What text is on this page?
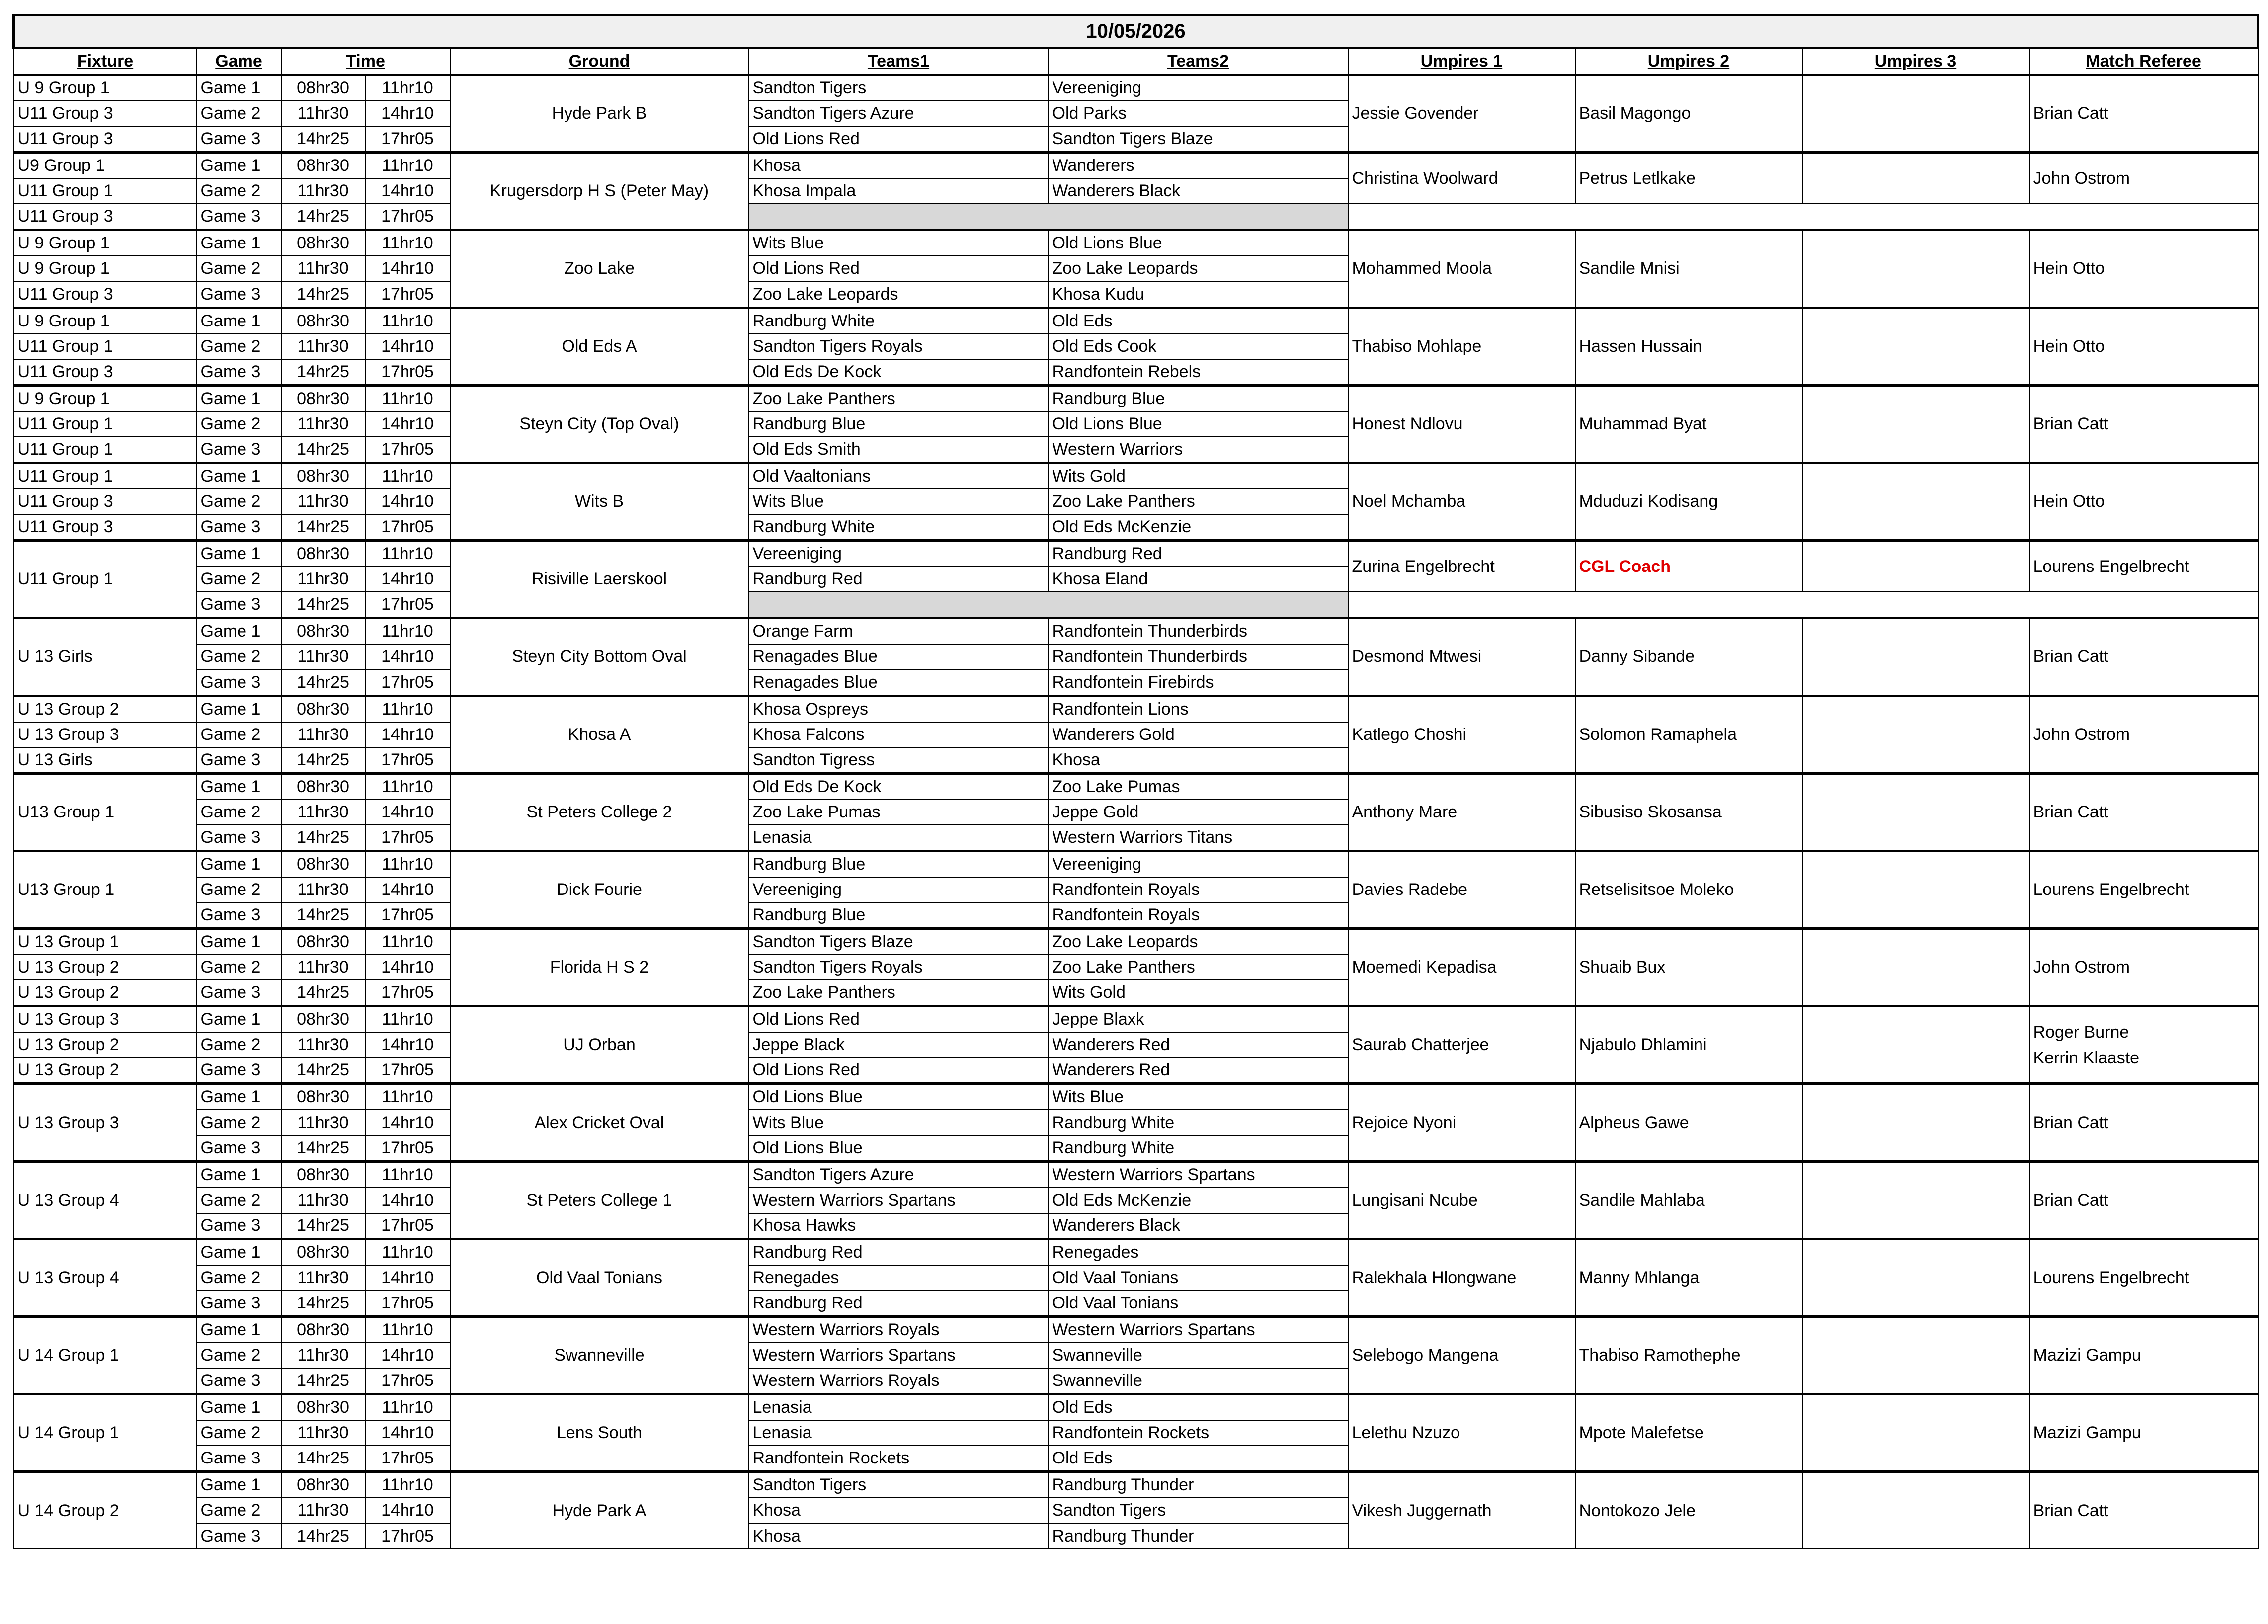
10/05/2026										
Fixture	Game	Time		Ground	Teams1	Teams2	Umpires 1	Umpires 2	Umpires 3	Match Referee
U 9 Group 1	Game 1	08hr30	11hr10	Hyde Park B	Sandton Tigers	Vereeniging	Jessie Govender	Basil Magongo		Brian Catt
U11 Group 3	Game 2	11hr30	14hr10		Sandton Tigers Azure	Old Parks				
U11 Group 3	Game 3	14hr25	17hr05		Old Lions Red	Sandton Tigers Blaze				
U9 Group 1	Game 1	08hr30	11hr10	Krugersdorp H S (Peter May)	Khosa	Wanderers	Christina Woolward	Petrus Letlkake		John Ostrom
U11 Group 1	Game 2	11hr30	14hr10		Khosa Impala	Wanderers Black				
U11 Group 3	Game 3	14hr25	17hr05							
U 9 Group 1	Game 1	08hr30	11hr10	Zoo Lake	Wits Blue	Old Lions Blue	Mohammed Moola	Sandile Mnisi		Hein Otto
U 9 Group 1	Game 2	11hr30	14hr10		Old Lions Red	Zoo Lake Leopards				
U11 Group 3	Game 3	14hr25	17hr05		Zoo Lake Leopards	Khosa Kudu				
U 9 Group 1	Game 1	08hr30	11hr10	Old Eds A	Randburg White	Old Eds	Thabiso Mohlape	Hassen Hussain		Hein Otto
U11 Group 1	Game 2	11hr30	14hr10		Sandton Tigers Royals	Old Eds Cook				
U11 Group 3	Game 3	14hr25	17hr05		Old Eds De Kock	Randfontein Rebels				
U 9 Group 1	Game 1	08hr30	11hr10	Steyn City (Top Oval)	Zoo Lake Panthers	Randburg Blue	Honest Ndlovu	Muhammad Byat		Brian Catt
U11 Group 1	Game 2	11hr30	14hr10		Randburg Blue	Old Lions Blue				
U11 Group 1	Game 3	14hr25	17hr05		Old Eds Smith	Western Warriors				
U11 Group 1	Game 1	08hr30	11hr10	Wits B	Old Vaaltonians	Wits Gold	Noel Mchamba	Mduduzi Kodisang		Hein Otto
U11 Group 3	Game 2	11hr30	14hr10		Wits Blue	Zoo Lake Panthers				
U11 Group 3	Game 3	14hr25	17hr05		Randburg White	Old Eds McKenzie				
U11 Group 1	Game 1	08hr30	11hr10	Risiville Laerskool	Vereeniging	Randburg Red	Zurina Engelbrecht	CGL Coach		Lourens Engelbrecht
	Game 2	11hr30	14hr10		Randburg Red	Khosa Eland				
	Game 3	14hr25	17hr05							
U 13 Girls	Game 1	08hr30	11hr10	Steyn City Bottom Oval	Orange Farm	Randfontein Thunderbirds	Desmond Mtwesi	Danny Sibande		Brian Catt
	Game 2	11hr30	14hr10		Renagades Blue	Randfontein Thunderbirds				
	Game 3	14hr25	17hr05		Renagades Blue	Randfontein Firebirds				
U 13 Group 2	Game 1	08hr30	11hr10	Khosa A	Khosa Ospreys	Randfontein Lions	Katlego Choshi	Solomon Ramaphela		John Ostrom
U 13 Group 3	Game 2	11hr30	14hr10		Khosa Falcons	Wanderers Gold				
U 13 Girls	Game 3	14hr25	17hr05		Sandton Tigress	Khosa				
U13 Group 1	Game 1	08hr30	11hr10	St Peters College 2	Old Eds De Kock	Zoo Lake Pumas	Anthony Mare	Sibusiso Skosansa		Brian Catt
	Game 2	11hr30	14hr10		Zoo Lake Pumas	Jeppe Gold				
	Game 3	14hr25	17hr05		Lenasia	Western Warriors Titans				
U13 Group 1	Game 1	08hr30	11hr10	Dick Fourie	Randburg Blue	Vereeniging	Davies Radebe	Retselisitsoe Moleko		Lourens Engelbrecht
	Game 2	11hr30	14hr10		Vereeniging	Randfontein Royals				
	Game 3	14hr25	17hr05		Randburg Blue	Randfontein Royals				
U 13 Group 1	Game 1	08hr30	11hr10	Florida H S 2	Sandton Tigers Blaze	Zoo Lake Leopards	Moemedi Kepadisa	Shuaib Bux		John Ostrom
U 13 Group 2	Game 2	11hr30	14hr10		Sandton Tigers Royals	Zoo Lake Panthers				
U 13 Group 2	Game 3	14hr25	17hr05		Zoo Lake Panthers	Wits Gold				
U 13 Group 3	Game 1	08hr30	11hr10	UJ Orban	Old Lions Red	Jeppe Blaxk	Saurab Chatterjee	Njabulo Dhlamini		Roger Burne
Kerrin Klaaste

U 13 Group 2	Game 2	11hr30	14hr10		Jeppe Black	Wanderers Red				
U 13 Group 2	Game 3	14hr25	17hr05		Old Lions Red	Wanderers Red				
U 13 Group 3	Game 1	08hr30	11hr10	Alex Cricket Oval	Old Lions Blue	Wits Blue	Rejoice Nyoni	Alpheus Gawe		Brian Catt
	Game 2	11hr30	14hr10		Wits Blue	Randburg White				
	Game 3	14hr25	17hr05		Old Lions Blue	Randburg White				
U 13 Group 4	Game 1	08hr30	11hr10	St Peters College 1	Sandton Tigers Azure	Western Warriors Spartans	Lungisani Ncube	Sandile Mahlaba		Brian Catt
	Game 2	11hr30	14hr10		Western Warriors Spartans	Old Eds McKenzie				
	Game 3	14hr25	17hr05		Khosa Hawks	Wanderers Black				
U 13 Group 4	Game 1	08hr30	11hr10	Old Vaal Tonians	Randburg Red	Renegades	Ralekhala Hlongwane	Manny Mhlanga		Lourens Engelbrecht
	Game 2	11hr30	14hr10		Renegades	Old Vaal Tonians				
	Game 3	14hr25	17hr05		Randburg Red	Old Vaal Tonians				
U 14 Group 1	Game 1	08hr30	11hr10	Swanneville	Western Warriors Royals	Western Warriors Spartans	Selebogo Mangena	Thabiso Ramothephe		Mazizi Gampu
	Game 2	11hr30	14hr10		Western Warriors Spartans	Swanneville				
	Game 3	14hr25	17hr05		Western Warriors Royals	Swanneville				
U 14 Group 1	Game 1	08hr30	11hr10	Lens South	Lenasia	Old Eds	Lelethu Nzuzo	Mpote Malefetse		Mazizi Gampu
	Game 2	11hr30	14hr10		Lenasia	Randfontein Rockets				
	Game 3	14hr25	17hr05		Randfontein Rockets	Old Eds				
U 14 Group 2	Game 1	08hr30	11hr10	Hyde Park A	Sandton Tigers	Randburg Thunder	Vikesh Juggernath	Nontokozo Jele		Brian Catt
	Game 2	11hr30	14hr10		Khosa	Sandton Tigers				
	Game 3	14hr25	17hr05		Khosa	Randburg Thunder				
